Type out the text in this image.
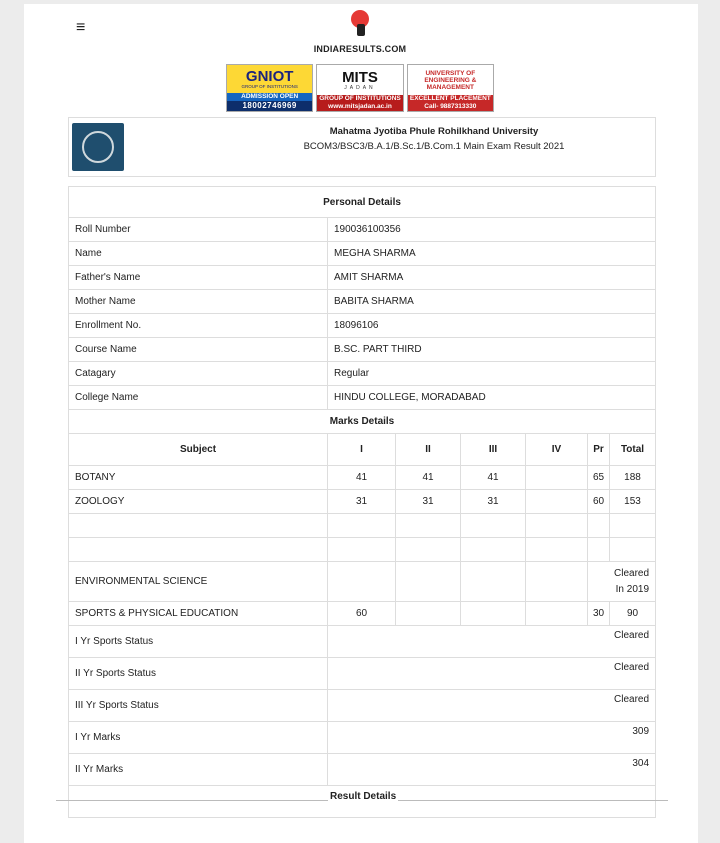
≡
INDIARESULTS.COM
GNIOT
GROUP OF INSTITUTIONS
ADMISSION OPEN
18002746969
MITS
JADAN
GROUP OF INSTITUTIONS
www.mitsjadan.ac.in
UNIVERSITY OF ENGINEERING & MANAGEMENT
EXCELLENT PLACEMENT
Call- 9887313330
Mahatma Jyotiba Phule Rohilkhand University
BCOM3/BSC3/B.A.1/B.Sc.1/B.Com.1 Main Exam Result 2021
Personal Details						
Roll Number	190036100356					
Name	MEGHA SHARMA					
Father's Name	AMIT SHARMA					
Mother Name	BABITA SHARMA					
Enrollment No.	18096106					
Course Name	B.SC. PART THIRD					
Catagary	Regular					
College Name	HINDU COLLEGE, MORADABAD					
Marks Details						
Subject	I	II	III	IV	Pr	Total
BOTANY	41	41	41		65	188
ZOOLOGY	31	31	31		60	153

ENVIRONMENTAL SCIENCE					Cleared
In 2019	

SPORTS & PHYSICAL EDUCATION	60				30	90
I Yr Sports Status	Cleared					
II Yr Sports Status	Cleared					
III Yr Sports Status	Cleared					
I Yr Marks	309					
II Yr Marks	304					

Result Details
